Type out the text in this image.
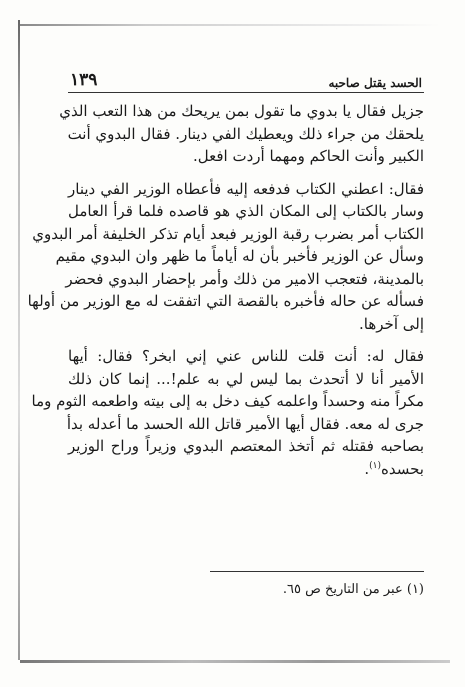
الحسد يقتل صاحبه
١٣٩

جزيل فقال يا بدوي ما تقول بمن يريحك من هذا التعب الذي
يلحقك من جراء ذلك ويعطيك الفي دينار. فقال البدوي أنت
الكبير وأنت الحاكم ومهما أردت افعل.

فقال: اعطني الكتاب فدفعه إليه فأعطاه الوزير الفي دينار
وسار بالكتاب إلى المكان الذي هو قاصده فلما قرأ العامل
الكتاب أمر بضرب رقبة الوزير فبعد أيام تذكر الخليفة أمر البدوي
وسأل عن الوزير فأخبر بأن له أياماً ما ظهر وان البدوي مقيم
بالمدينة، فتعجب الامير من ذلك وأمر بإحضار البدوي فحضر
فسأله عن حاله فأخبره بالقصة التي اتفقت له مع الوزير من أولها
إلى آخرها.

فقال له: أنت قلت للناس عني إني ابخر؟ فقال: أيها
الأمير أنا لا أتحدث بما ليس لي به علم!... إنما كان ذلك
مكراً منه وحسداً واعلمه كيف دخل به إلى بيته واطعمه الثوم وما
جرى له معه. فقال أيها الأمير قاتل الله الحسد ما أعدله بدأ
بصاحبه فقتله ثم أتخذ المعتصم البدوي وزيراً وراح الوزير
بحسده$^{(١)}$.

(١) عبر من التاريخ ص ٦٥.
